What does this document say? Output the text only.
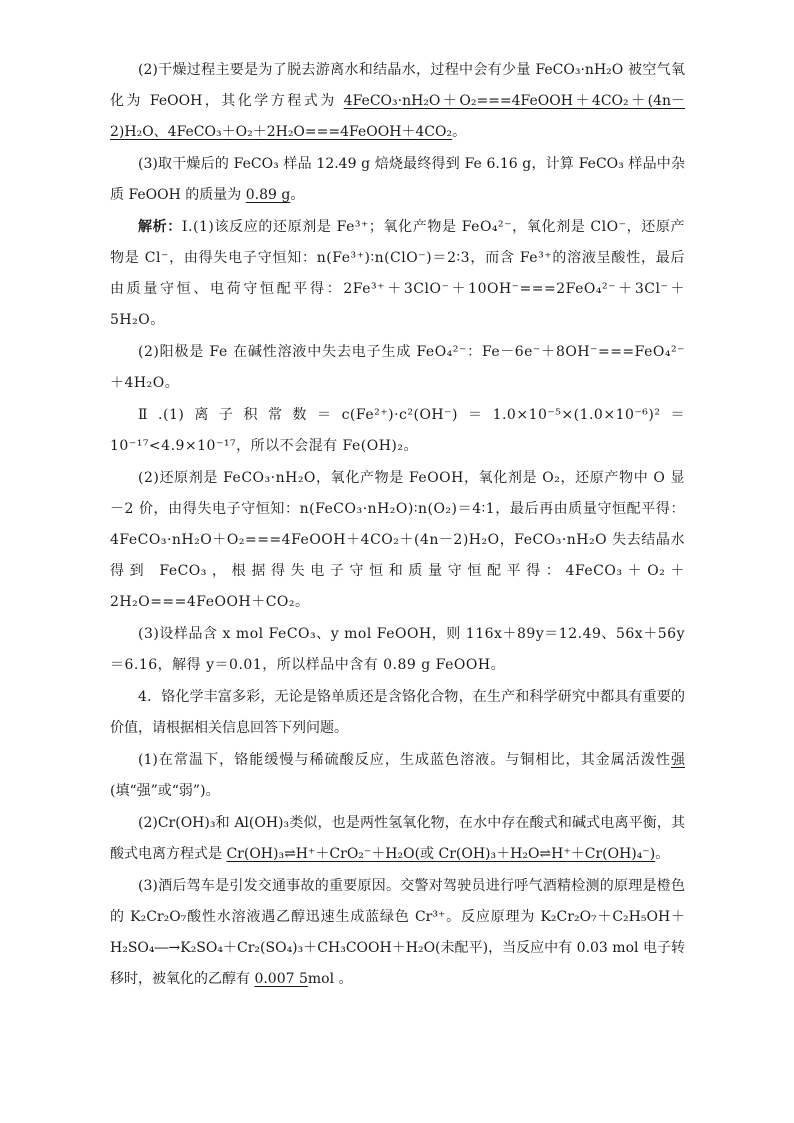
(2)干燥过程主要是为了脱去游离水和结晶水，过程中会有少量 FeCO₃·nH₂O 被空气氧化为 FeOOH，其化学方程式为 4FeCO₃·nH₂O＋O₂===4FeOOH＋4CO₂＋(4n－2)H₂O、4FeCO₃＋O₂＋2H₂O===4FeOOH＋4CO₂。

(3)取干燥后的 FeCO₃ 样品 12.49 g 焙烧最终得到 Fe 6.16 g，计算 FeCO₃ 样品中杂质 FeOOH 的质量为 0.89 g。

解析：Ⅰ.(1)该反应的还原剂是 Fe³⁺；氧化产物是 FeO₄²⁻，氧化剂是 ClO⁻，还原产物是 Cl⁻，由得失电子守恒知：n(Fe³⁺)∶n(ClO⁻)＝2∶3，而含 Fe³⁺的溶液呈酸性，最后由质量守恒、电荷守恒配平得：2Fe³⁺＋3ClO⁻＋10OH⁻===2FeO₄²⁻＋3Cl⁻＋5H₂O。

(2)阳极是 Fe 在碱性溶液中失去电子生成 FeO₄²⁻：Fe－6e⁻＋8OH⁻===FeO₄²⁻＋4H₂O。

Ⅱ.(1)离子积常数＝c(Fe²⁺)·c²(OH⁻)＝1.0×10⁻⁵×(1.0×10⁻⁶)²＝10⁻¹⁷<4.9×10⁻¹⁷，所以不会混有 Fe(OH)₂。

(2)还原剂是 FeCO₃·nH₂O，氧化产物是 FeOOH，氧化剂是 O₂，还原产物中 O 显－2 价，由得失电子守恒知：n(FeCO₃·nH₂O)∶n(O₂)＝4∶1，最后再由质量守恒配平得：4FeCO₃·nH₂O＋O₂===4FeOOH＋4CO₂＋(4n－2)H₂O，FeCO₃·nH₂O 失去结晶水得到 FeCO₃，根据得失电子守恒和质量守恒配平得：4FeCO₃＋O₂＋2H₂O===4FeOOH＋CO₂。

(3)设样品含 x mol FeCO₃、y mol FeOOH，则 116x＋89y＝12.49、56x＋56y＝6.16，解得 y＝0.01，所以样品中含有 0.89 g FeOOH。

4．铬化学丰富多彩，无论是铬单质还是含铬化合物，在生产和科学研究中都具有重要的价值，请根据相关信息回答下列问题。

(1)在常温下，铬能缓慢与稀硫酸反应，生成蓝色溶液。与铜相比，其金属活泼性强(填“强”或“弱”)。

(2)Cr(OH)₃和 Al(OH)₃类似，也是两性氢氧化物，在水中存在酸式和碱式电离平衡，其酸式电离方程式是 Cr(OH)₃⇌H⁺＋CrO₂⁻＋H₂O(或 Cr(OH)₃＋H₂O⇌H⁺＋Cr(OH)₄⁻)。

(3)酒后驾车是引发交通事故的重要原因。交警对驾驶员进行呼气酒精检测的原理是橙色的 K₂Cr₂O₇酸性水溶液遇乙醇迅速生成蓝绿色 Cr³⁺。反应原理为 K₂Cr₂O₇＋C₂H₅OH＋H₂SO₄―→K₂SO₄＋Cr₂(SO₄)₃＋CH₃COOH＋H₂O(未配平)，当反应中有 0.03 mol 电子转移时，被氧化的乙醇有 0.007 5mol 。
